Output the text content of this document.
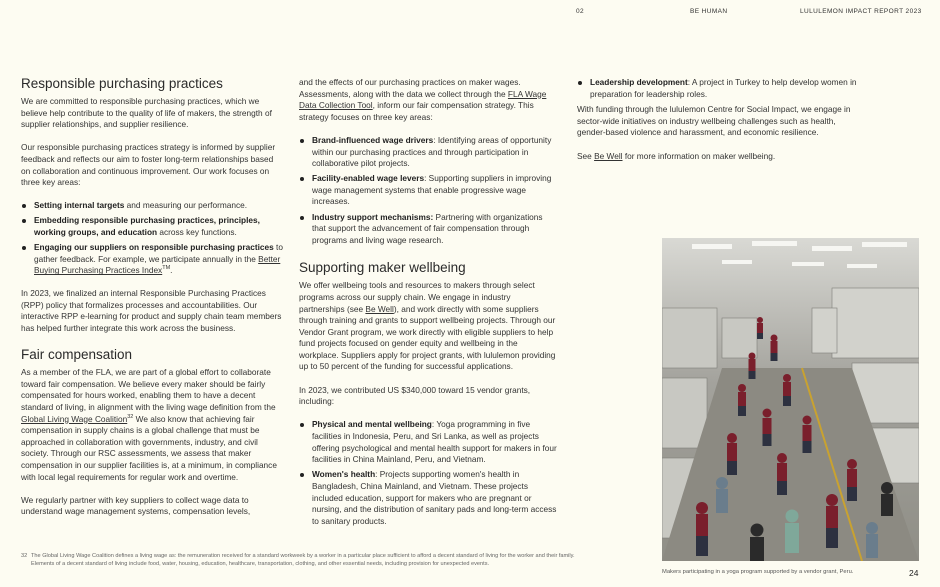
02	BE HUMAN	LULULEMON IMPACT REPORT 2023
Responsible purchasing practices

We are committed to responsible purchasing practices, which we believe help contribute to the quality of life of makers, the strength of supplier relationships, and supplier resilience.

Our responsible purchasing practices strategy is informed by supplier feedback and reflects our aim to foster long-term relationships based on collaboration and continuous improvement. Our work focuses on three key areas:

Setting internal targets and measuring our performance.
Embedding responsible purchasing practices, principles, working groups, and education across key functions.
Engaging our suppliers on responsible purchasing practices to gather feedback. For example, we participate annually in the Better Buying Purchasing Practices Index™.

In 2023, we finalized an internal Responsible Purchasing Practices (RPP) policy that formalizes processes and accountabilities. Our interactive RPP e-learning for product and supply chain team members has helped further integrate this work across the business.

Fair compensation

As a member of the FLA, we are part of a global effort to collaborate toward fair compensation. We believe every maker should be fairly compensated for hours worked, enabling them to have a decent standard of living, in alignment with the living wage definition from the Global Living Wage Coalition$^{32}$ We also know that achieving fair compensation in supply chains is a global challenge that must be approached in collaboration with governments, industry, and civil society. Through our RSC assessments, we assess that maker compensation in our supplier facilities is, at a minimum, in compliance with local legal requirements for regular work and overtime.

We regularly partner with key suppliers to collect wage data to understand wage management systems, compensation levels,

and the effects of our purchasing practices on maker wages. Assessments, along with the data we collect through the FLA Wage Data Collection Tool, inform our fair compensation strategy. This strategy focuses on three key areas:

Brand-influenced wage drivers: Identifying areas of opportunity within our purchasing practices and through participation in collaborative pilot projects.
Facility-enabled wage levers: Supporting suppliers in improving wage management systems that enable progressive wage increases.
Industry support mechanisms: Partnering with organizations that support the advancement of fair compensation through programs and living wage research.
Supporting maker wellbeing

We offer wellbeing tools and resources to makers through select programs across our supply chain. We engage in industry partnerships (see Be Well), and work directly with some suppliers through training and grants to support wellbeing projects. Through our Vendor Grant program, we work directly with eligible suppliers to help fund projects focused on gender equity and wellbeing in the workplace. Suppliers apply for project grants, with lululemon providing up to 50 percent of the funding for successful applications.

In 2023, we contributed US $340,000 toward 15 vendor grants, including:

Physical and mental wellbeing: Yoga programming in five facilities in Indonesia, Peru, and Sri Lanka, as well as projects offering psychological and mental health support for makers in four facilities in China Mainland, Peru, and Vietnam.
Women's health: Projects supporting women's health in Bangladesh, China Mainland, and Vietnam. These projects included education, support for makers who are pregnant or nursing, and the distribution of sanitary pads and long-term access to sanitary products.
Leadership development: A project in Turkey to help develop women in preparation for leadership roles.

With funding through the lululemon Centre for Social Impact, we engage in sector-wide initiatives on industry wellbeing challenges such as health, gender-based violence and harassment, and economic resilience.

See Be Well for more information on maker wellbeing.

Makers participating in a yoga program supported by a vendor grant, Peru.
32 The Global Living Wage Coalition defines a living wage as: the remuneration received for a standard workweek by a worker in a particular place sufficient to afford a decent standard of living for the worker and their family. Elements of a decent standard of living include food, water, housing, education, healthcare, transportation, clothing, and other essential needs, including provision for unexpected events.
24
